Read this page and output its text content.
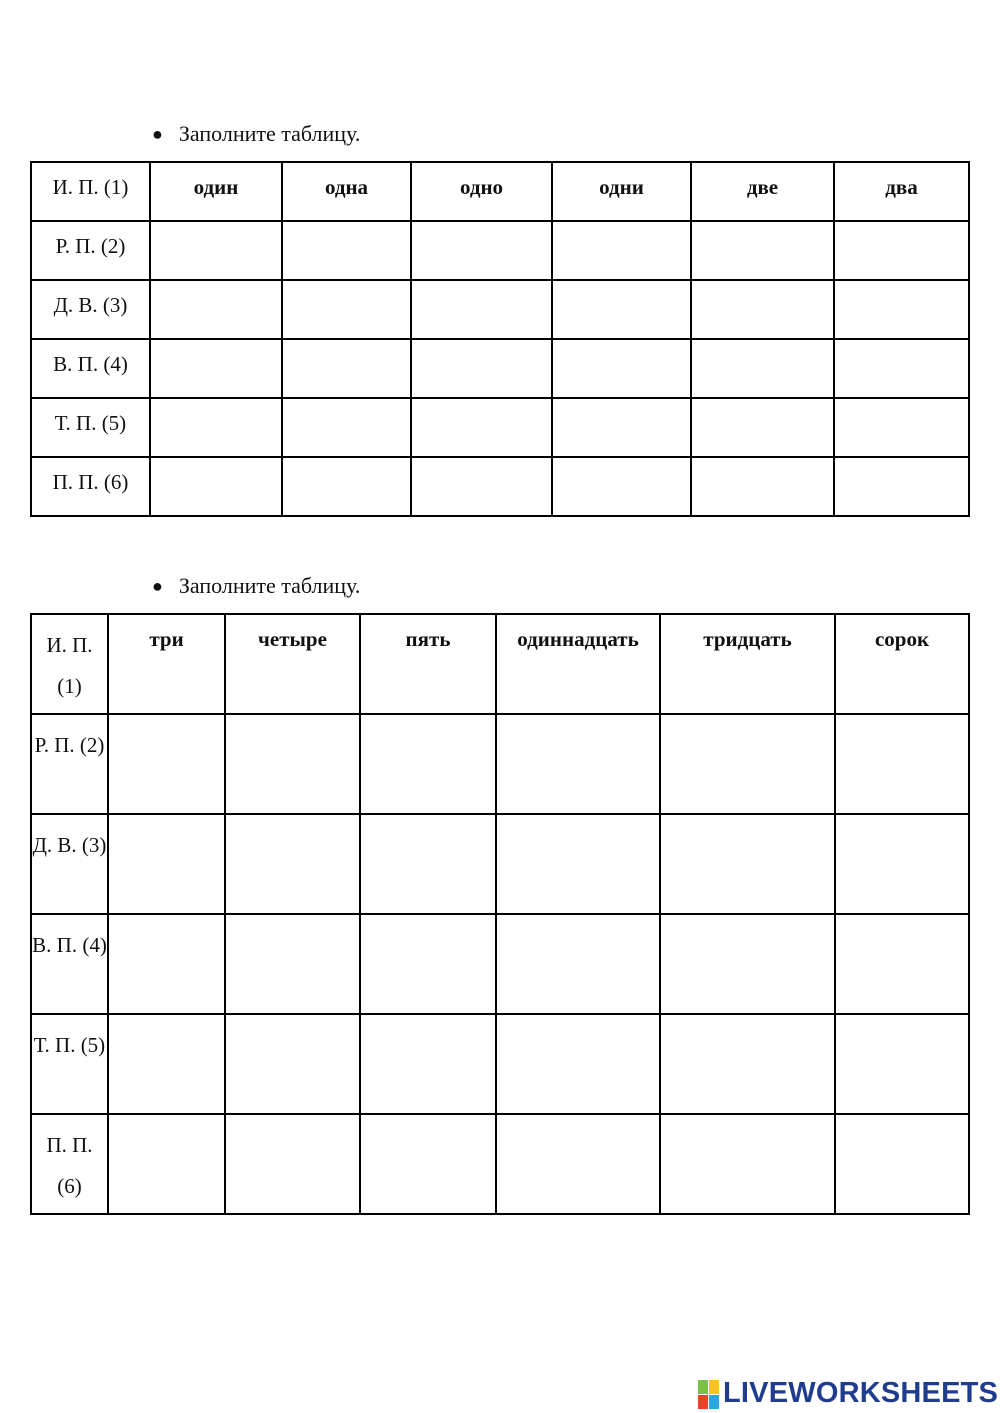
● Заполните таблицу.
И. П. (1)	один	одна	одно	одни	две	два
Р. П. (2)						
Д. В. (3)						
В. П. (4)						
Т. П. (5)						
П. П. (6)						
● Заполните таблицу.
И. П. (1)	три	четыре	пять	одиннадцать	тридцать	сорок
Р. П. (2)						
Д. В. (3)						
В. П. (4)						
Т. П. (5)						
П. П. (6)						
LIVEWORKSHEETS
